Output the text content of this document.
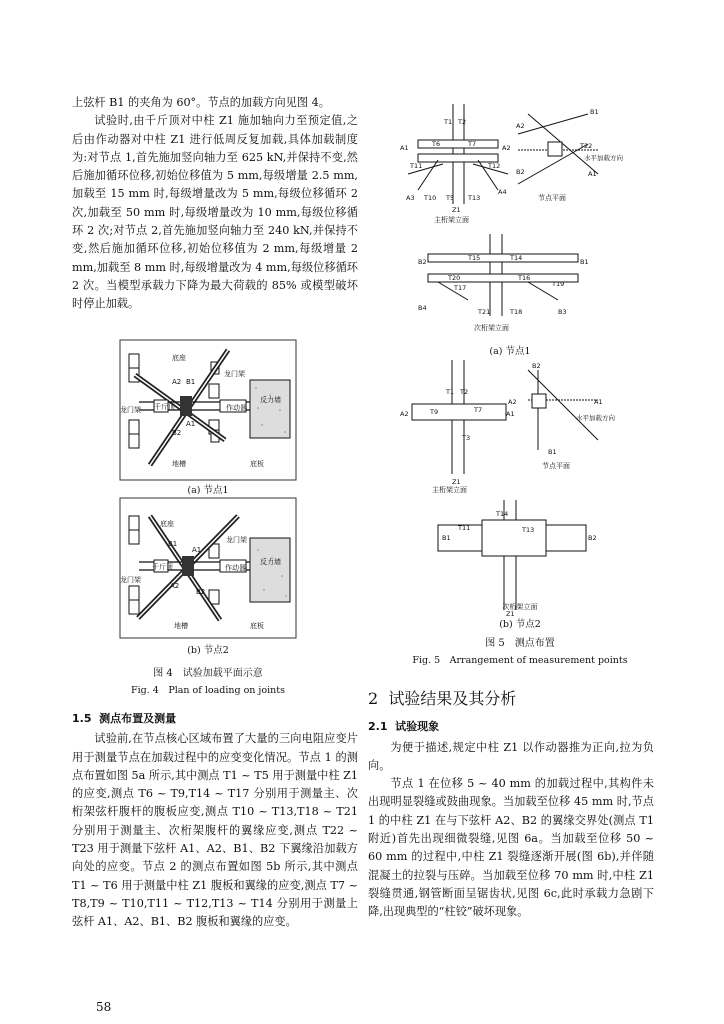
上弦杆 B1 的夹角为 60°。节点的加载方向见图 4。

试验时,由千斤顶对中柱 Z1 施加轴向力至预定值,之后由作动器对中柱 Z1 进行低周反复加载,具体加载制度为:对节点 1,首先施加竖向轴力至 625 kN,并保持不变,然后施加循环位移,初始位移值为 5 mm,每级增量 2.5 mm,加载至 15 mm 时,每级增量改为 5 mm,每级位移循环 2 次,加载至 50 mm 时,每级增量改为 10 mm,每级位移循环 2 次;对节点 2,首先施加竖向轴力至 240 kN,并保持不变,然后施加循环位移,初始位移值为 2 mm,每级增量 2 mm,加载至 8 mm 时,每级增量改为 4 mm,每级位移循环 2 次。当模型承载力下降为最大荷载的 85% 或模型破坏时停止加载。

底座
龙门架
龙门架 千斤顶	作动器
反力墙
A2 B1
A1
B2
地槽	底板
(a) 节点1
底座
龙门架
龙门架
千斤顶	作动器
反力墙
B1
A1
A2
B2
地槽	底板
(b) 节点2
图 4　试验加载平面示意
Fig. 4　Plan of loading on joints
1.5 测点布置及测量

试验前,在节点核心区域布置了大量的三向电阻应变片用于测量节点在加载过程中的应变变化情况。节点 1 的测点布置如图 5a 所示,其中测点 T1 ~ T5 用于测量中柱 Z1 的应变,测点 T6 ~ T9,T14 ~ T17 分别用于测量主、次桁架弦杆腹杆的腹板应变,测点 T10 ~ T13,T18 ~ T21 分别用于测量主、次桁架腹杆的翼缘应变,测点 T22 ~ T23 用于测量下弦杆 A1、A2、B1、B2 下翼缘沿加载方向处的应变。节点 2 的测点布置如图 5b 所示,其中测点 T1 ~ T6 用于测量中柱 Z1 腹板和翼缘的应变,测点 T7 ~ T8,T9 ~ T10,T11 ~ T12,T13 ~ T14 分别用于测量上弦杆 A1、A2、B1、B2 腹板和翼缘的应变。

T1 T2
T6	T7
A1	A2
T11	T12
A3 T10 T5 T13
A4
Z1
主桁架立面
B1
A2
T22
水平加载方向
B2	A1
节点平面
B2	B1
T15	T14
T20	T16
T17	T19
B4	T21	T18	B3
次桁架立面
(a) 节点1
T1 T2
T9	T7
A2	A1
T3
Z1
主桁架立面
B2
A2	A1
水平加载方向
B1
节点平面
T14
T11	T13
B1	B2
Z1
次桁架立面
(b) 节点2
图 5　测点布置
Fig. 5　Arrangement of measurement points
2 试验结果及其分析
2.1 试验现象

为便于描述,规定中柱 Z1 以作动器推为正向,拉为负向。

节点 1 在位移 5 ~ 40 mm 的加载过程中,其构件未出现明显裂缝或鼓曲现象。当加载至位移 45 mm 时,节点 1 的中柱 Z1 在与下弦杆 A2、B2 的翼缘交界处(测点 T1 附近)首先出现细微裂缝,见图 6a。当加载至位移 50 ~ 60 mm 的过程中,中柱 Z1 裂缝逐渐开展(图 6b),并伴随混凝土的拉裂与压碎。当加载至位移 70 mm 时,中柱 Z1 裂缝贯通,钢管断面呈锯齿状,见图 6c,此时承载力急剧下降,出现典型的“柱铰”破坏现象。

58
